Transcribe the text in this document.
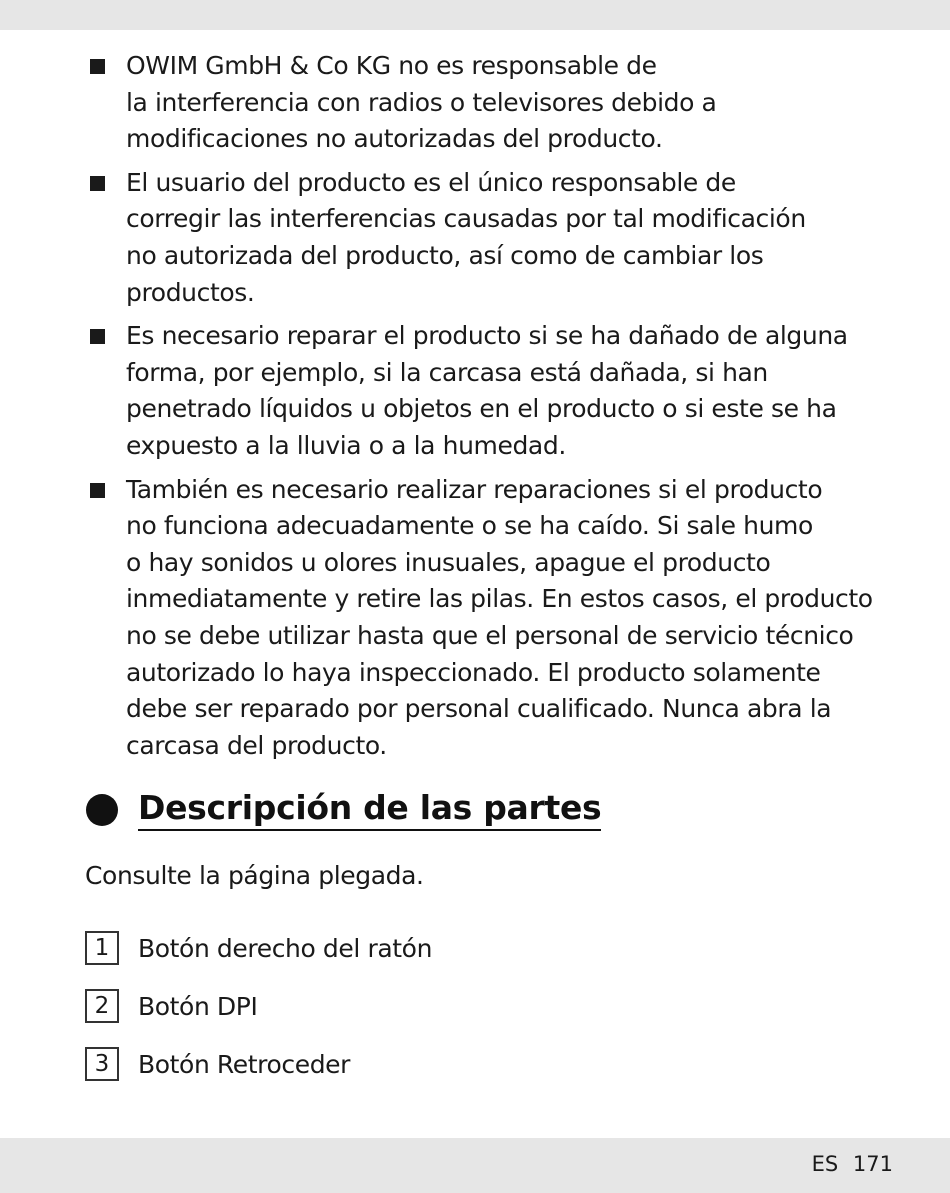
OWIM GmbH & Co KG no es responsable de
la interferencia con radios o televisores debido a
modificaciones no autorizadas del producto.
El usuario del producto es el único responsable de
corregir las interferencias causadas por tal modificación
no autorizada del producto, así como de cambiar los
productos.
Es necesario reparar el producto si se ha dañado de alguna
forma, por ejemplo, si la carcasa está dañada, si han
penetrado líquidos u objetos en el producto o si este se ha
expuesto a la lluvia o a la humedad.
También es necesario realizar reparaciones si el producto
no funciona adecuadamente o se ha caído. Si sale humo
o hay sonidos u olores inusuales, apague el producto
inmediatamente y retire las pilas. En estos casos, el producto
no se debe utilizar hasta que el personal de servicio técnico
autorizado lo haya inspeccionado. El producto solamente
debe ser reparado por personal cualificado. Nunca abra la
carcasa del producto.
Descripción de las partes
Consulte la página plegada.
1	Botón derecho del ratón
2	Botón DPI
3	Botón Retroceder
ES 171
